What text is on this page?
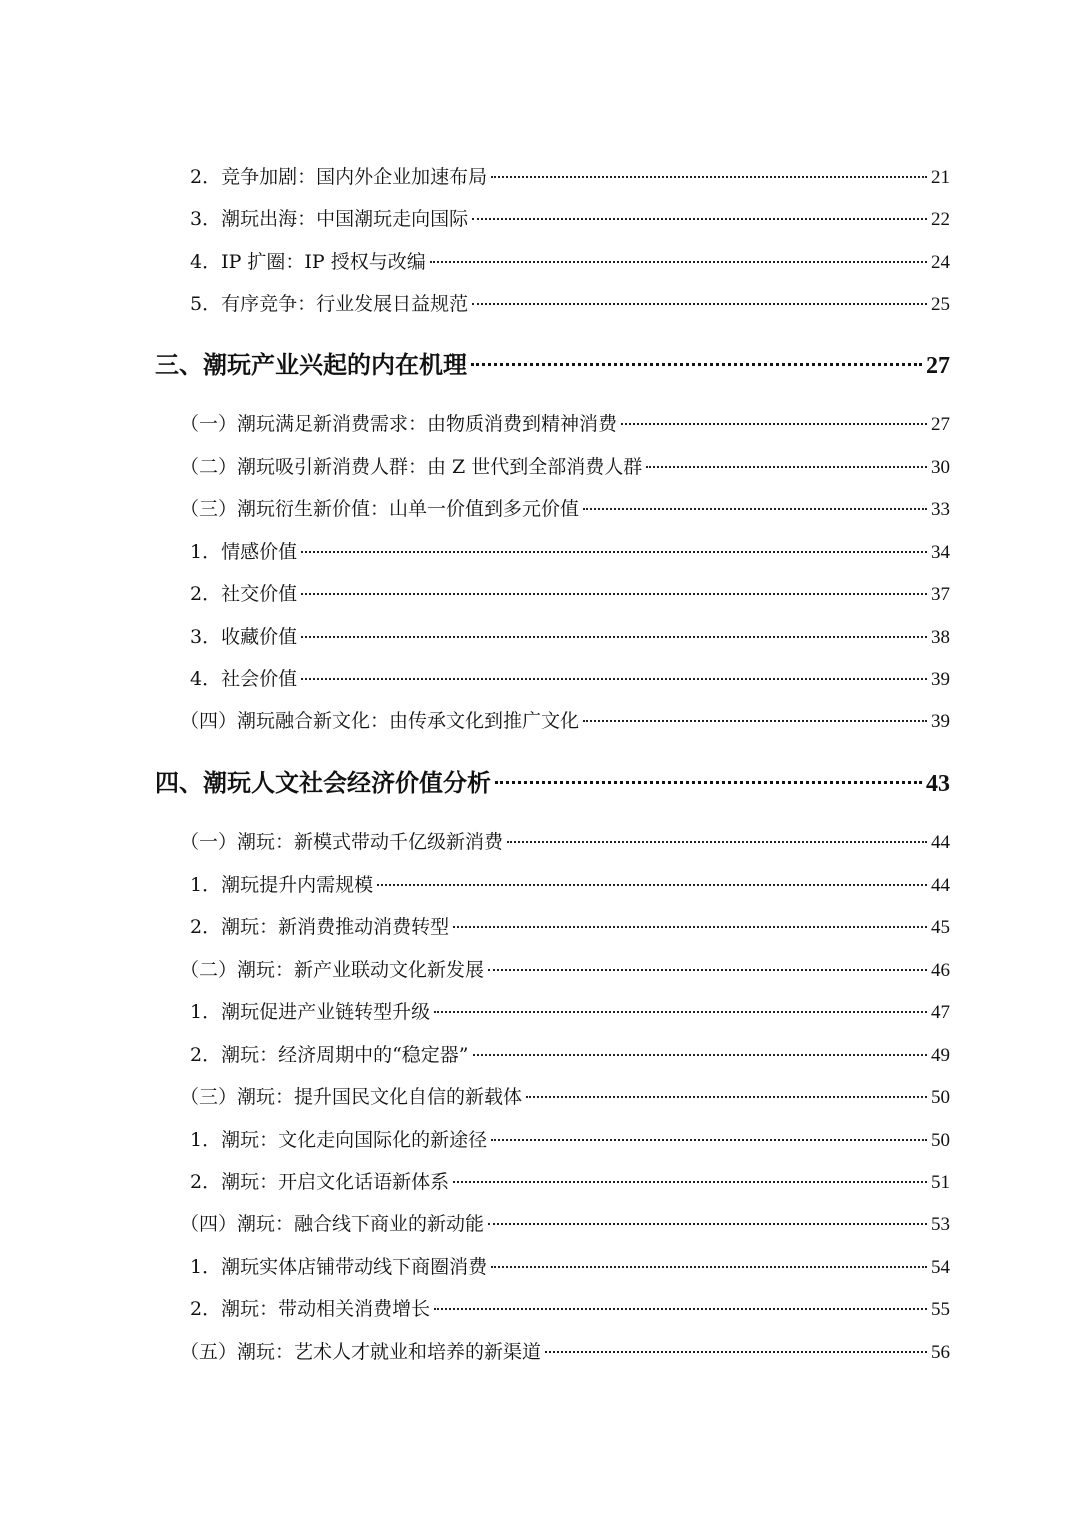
2．竞争加剧：国内外企业加速布局	21
3．潮玩出海：中国潮玩走向国际	22
4．IP 扩圈：IP 授权与改编	24
5．有序竞争：行业发展日益规范	25
三、潮玩产业兴起的内在机理	27
（一）潮玩满足新消费需求：由物质消费到精神消费	27
（二）潮玩吸引新消费人群：由 Z 世代到全部消费人群	30
（三）潮玩衍生新价值：山单一价值到多元价值	33
1．情感价值	34
2．社交价值	37
3．收藏价值	38
4．社会价值	39
（四）潮玩融合新文化：由传承文化到推广文化	39
四、潮玩人文社会经济价值分析	43
（一）潮玩：新模式带动千亿级新消费	44
1．潮玩提升内需规模	44
2．潮玩：新消费推动消费转型	45
（二）潮玩：新产业联动文化新发展	46
1．潮玩促进产业链转型升级	47
2．潮玩：经济周期中的“稳定器”	49
（三）潮玩：提升国民文化自信的新载体	50
1．潮玩：文化走向国际化的新途径	50
2．潮玩：开启文化话语新体系	51
（四）潮玩：融合线下商业的新动能	53
1．潮玩实体店铺带动线下商圈消费	54
2．潮玩：带动相关消费增长	55
（五）潮玩：艺术人才就业和培养的新渠道	56
